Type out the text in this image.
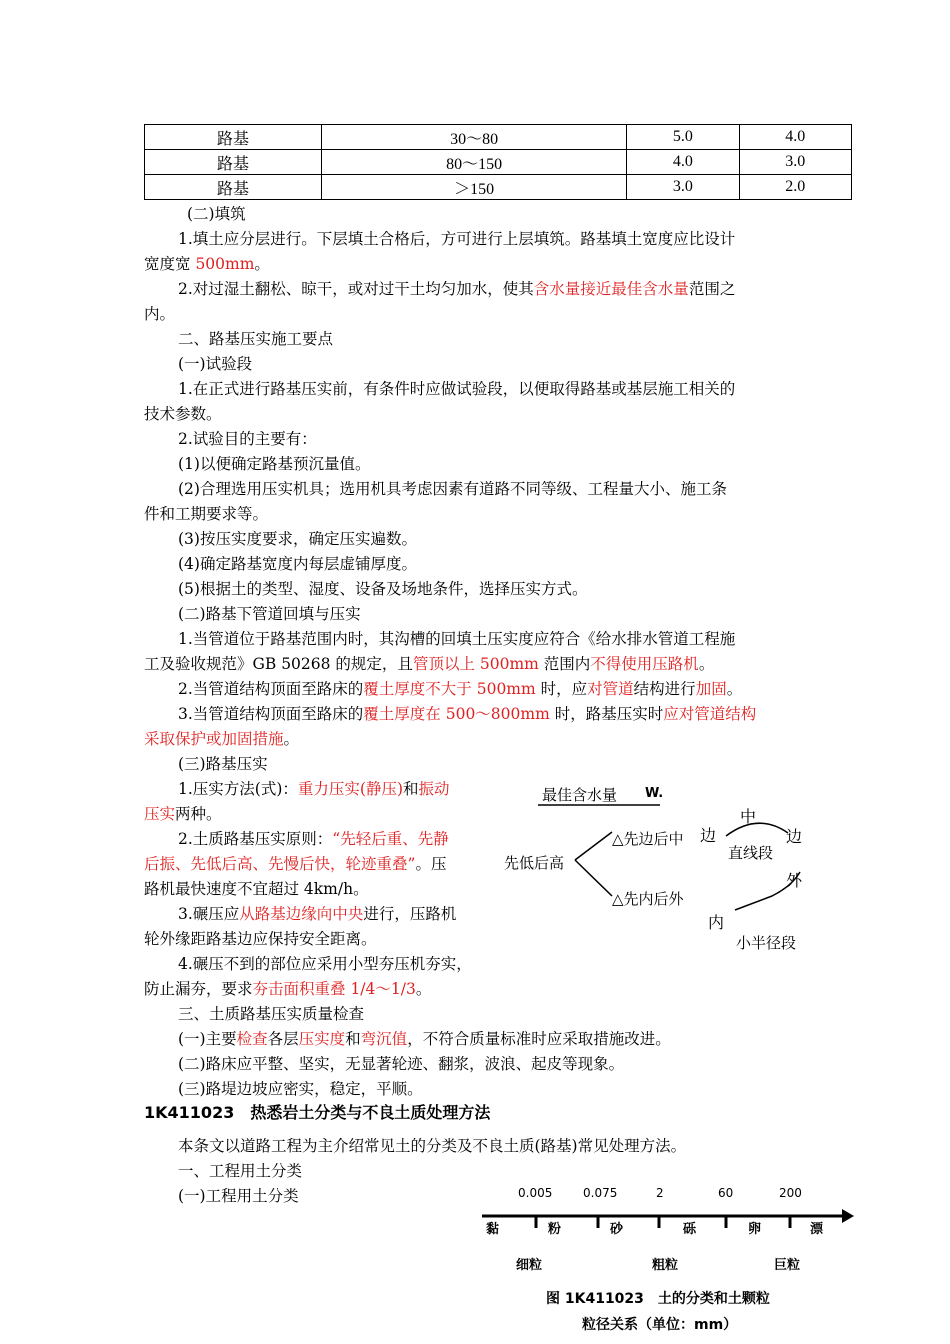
路基	30～80	5.0	4.0
路基	80～150	4.0	3.0
路基	＞150	3.0	2.0
(二)填筑
1.填土应分层进行。下层填土合格后，方可进行上层填筑。路基填土宽度应比设计
宽度宽 500mm。
2.对过湿土翻松、晾干，或对过干土均匀加水，使其含水量接近最佳含水量范围之
内。
二、路基压实施工要点
(一)试验段
1.在正式进行路基压实前，有条件时应做试验段，以便取得路基或基层施工相关的
技术参数。
2.试验目的主要有：
(1)以便确定路基预沉量值。
(2)合理选用压实机具；选用机具考虑因素有道路不同等级、工程量大小、施工条
件和工期要求等。
(3)按压实度要求，确定压实遍数。
(4)确定路基宽度内每层虚铺厚度。
(5)根据土的类型、湿度、设备及场地条件，选择压实方式。
(二)路基下管道回填与压实
1.当管道位于路基范围内时，其沟槽的回填土压实度应符合《给水排水管道工程施
工及验收规范》GB 50268 的规定，且管顶以上 500mm 范围内不得使用压路机。
2.当管道结构顶面至路床的覆土厚度不大于 500mm 时，应对管道结构进行加固。
3.当管道结构顶面至路床的覆土厚度在 500～800mm 时，路基压实时应对管道结构
采取保护或加固措施。
(三)路基压实
1.压实方法(式)：重力压实(静压)和振动
压实两种。
2.土质路基压实原则：“先轻后重、先静
后振、先低后高、先慢后快，轮迹重叠”。压
路机最快速度不宜超过 4km/h。
3.碾压应从路基边缘向中央进行，压路机
轮外缘距路基边应保持安全距离。
4.碾压不到的部位应采用小型夯压机夯实，
防止漏夯，要求夯击面积重叠 1/4～1/3。
三、土质路基压实质量检查
(一)主要检查各层压实度和弯沉值，不符合质量标准时应采取措施改进。
(二)路床应平整、坚实，无显著轮迹、翻浆，波浪、起皮等现象。
(三)路堤边坡应密实，稳定，平顺。
本条文以道路工程为主介绍常见土的分类及不良土质(路基)常见处理方法。
一、工程用土分类
(一)工程用土分类
1K411023　热悉岩土分类与不良土质处理方法
最佳含水量 W.
先低后高
△先边后中
△先内后外
中
边	边
直线段
外
内
小半径段
0.005	0.075	2	60	200
黏	粉	砂	砾	卵	漂
细粒	粗粒	巨粒
图 1K411023　土的分类和土颗粒
粒径关系（单位：mm）
